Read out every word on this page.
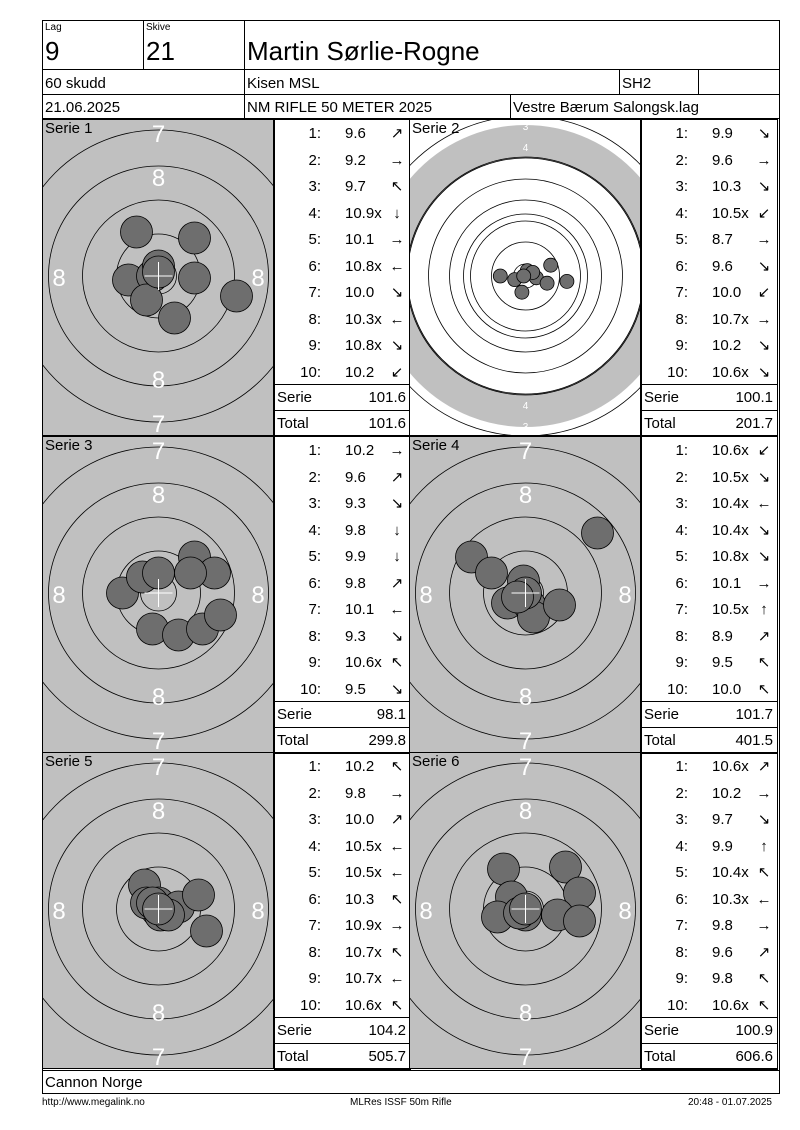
Lag
9
Skive
21	Martin Sørlie-Rogne
60 skudd	Kisen MSL	SH2
21.06.2025	NM RIFLE 50 METER 2025	Vestre Bærum Salongsk.lag
7
8
8
7
8	8
Serie 1	1: 9.6 ↗
2: 9.2 →
3: 9.7 ↖
4: 10.9x ↓
5: 10.1 →
6: 10.8x ←
7: 10.0 ↘
8: 10.3x ←
9: 10.8x ↘
10: 10.2 ↙
Serie	101.6
Total	101.6
3
3
4
4
5
5
6
6
7
7
8
8
5	5
6	6
7	7
8
Serie 2	1: 9.9 ↘
2: 9.6 →
3: 10.3 ↘
4: 10.5x ↙
5: 8.7 →
6: 9.6 ↘
7: 10.0 ↙
8: 10.7x →
9: 10.2 ↘
10: 10.6x ↘
Serie	100.1
Total	201.7
7
8
8
7
8	8
Serie 3	1: 10.2 →
2: 9.6 ↗
3: 9.3 ↘
4: 9.8	↓
5: 9.9	↓
6: 9.8 ↗
7: 10.1 ←
8: 9.3 ↘
9: 10.6x ↖
10: 9.5 ↘
Serie	98.1
Total	299.8
7
8
8
7
8	8
Serie 4	1: 10.6x ↙
2: 10.5x ↘
3: 10.4x ←
4: 10.4x ↘
5: 10.8x ↘
6: 10.1 →
7: 10.5x ↑
8: 8.9 ↗
9: 9.5 ↖
10: 10.0 ↖
Serie	101.7
Total	401.5
7
8
8
7
8	8
Serie 5	1: 10.2 ↖
2: 9.8 →
3: 10.0 ↗
4: 10.5x ←
5: 10.5x ←
6: 10.3 ↖
7: 10.9x →
8: 10.7x ↖
9: 10.7x ←
10: 10.6x ↖
Serie	104.2
Total	505.7
7
8
8
7
8	8
Serie 6	1: 10.6x ↗
2: 10.2 →
3: 9.7 ↘
4: 9.9	↑
5: 10.4x ↖
6: 10.3x ←
7: 9.8 →
8: 9.6 ↗
9: 9.8 ↖
10: 10.6x ↖
Serie	100.9
Total	606.6
Cannon Norge
http://www.megalink.no	MLRes ISSF 50m Rifle	20:48 - 01.07.2025
